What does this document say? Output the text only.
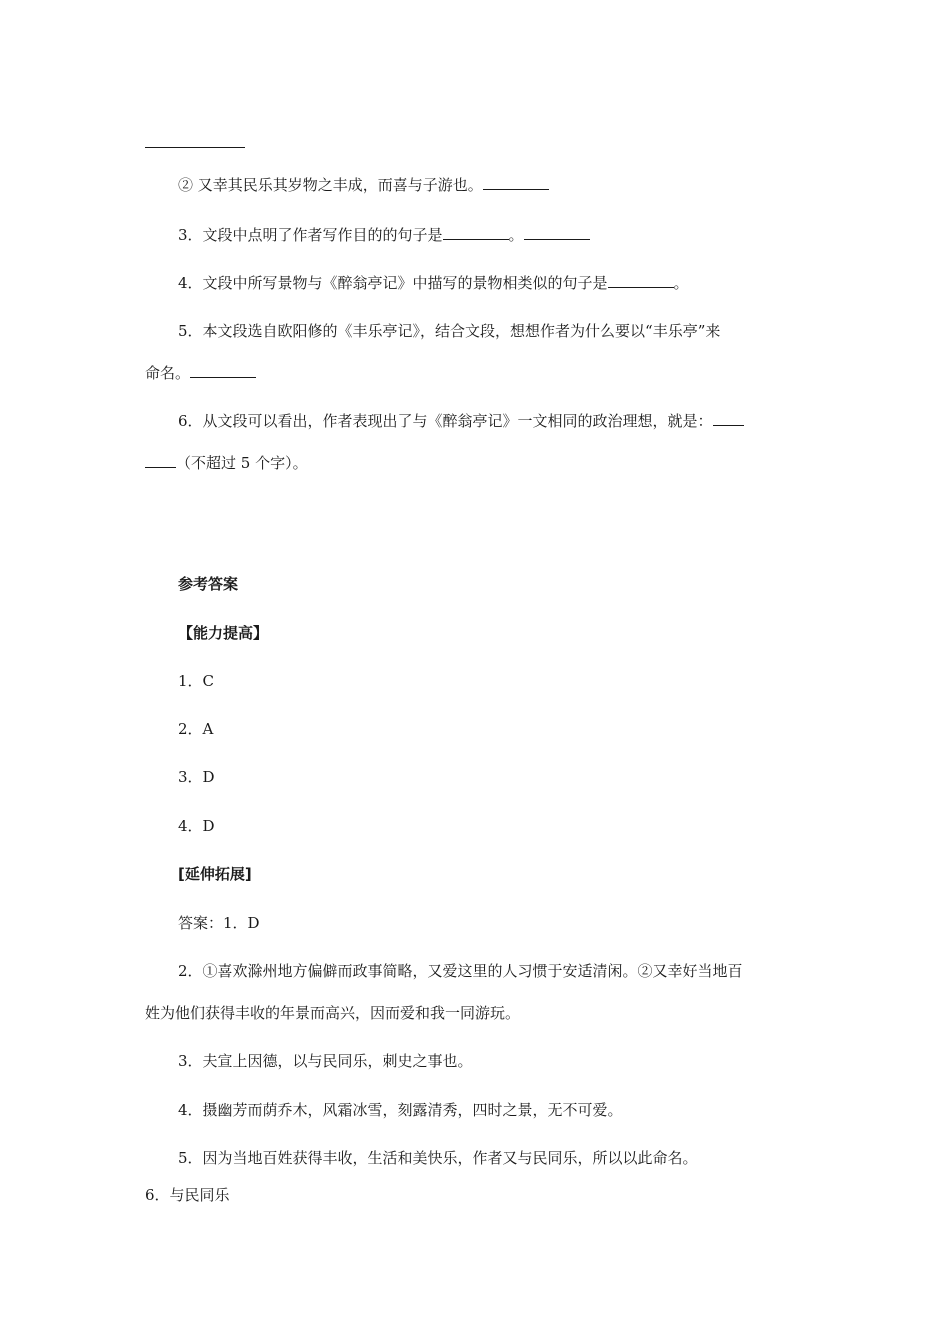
② 又幸其民乐其岁物之丰成，而喜与子游也。
3．文段中点明了作者写作目的的句子是	。
4．文段中所写景物与《醉翁亭记》中描写的景物相类似的句子是	。
5．本文段选自欧阳修的《丰乐亭记》，结合文段，想想作者为什么要以“丰乐亭”来
命名。
6．从文段可以看出，作者表现出了与《醉翁亭记》一文相同的政治理想，就是：
（不超过 5 个字）。
参考答案
【能力提高】
1．C
2．A
3．D
4．D
[延伸拓展]
答案：1．D
2．①喜欢滁州地方偏僻而政事简略，又爱这里的人习惯于安适清闲。②又幸好当地百
姓为他们获得丰收的年景而高兴，因而爱和我一同游玩。
3．夫宣上因德，以与民同乐，刺史之事也。
4．摄幽芳而荫乔木，风霜冰雪，刻露清秀，四时之景，无不可爱。
5．因为当地百姓获得丰收，生活和美快乐，作者又与民同乐，所以以此命名。
6．与民同乐
